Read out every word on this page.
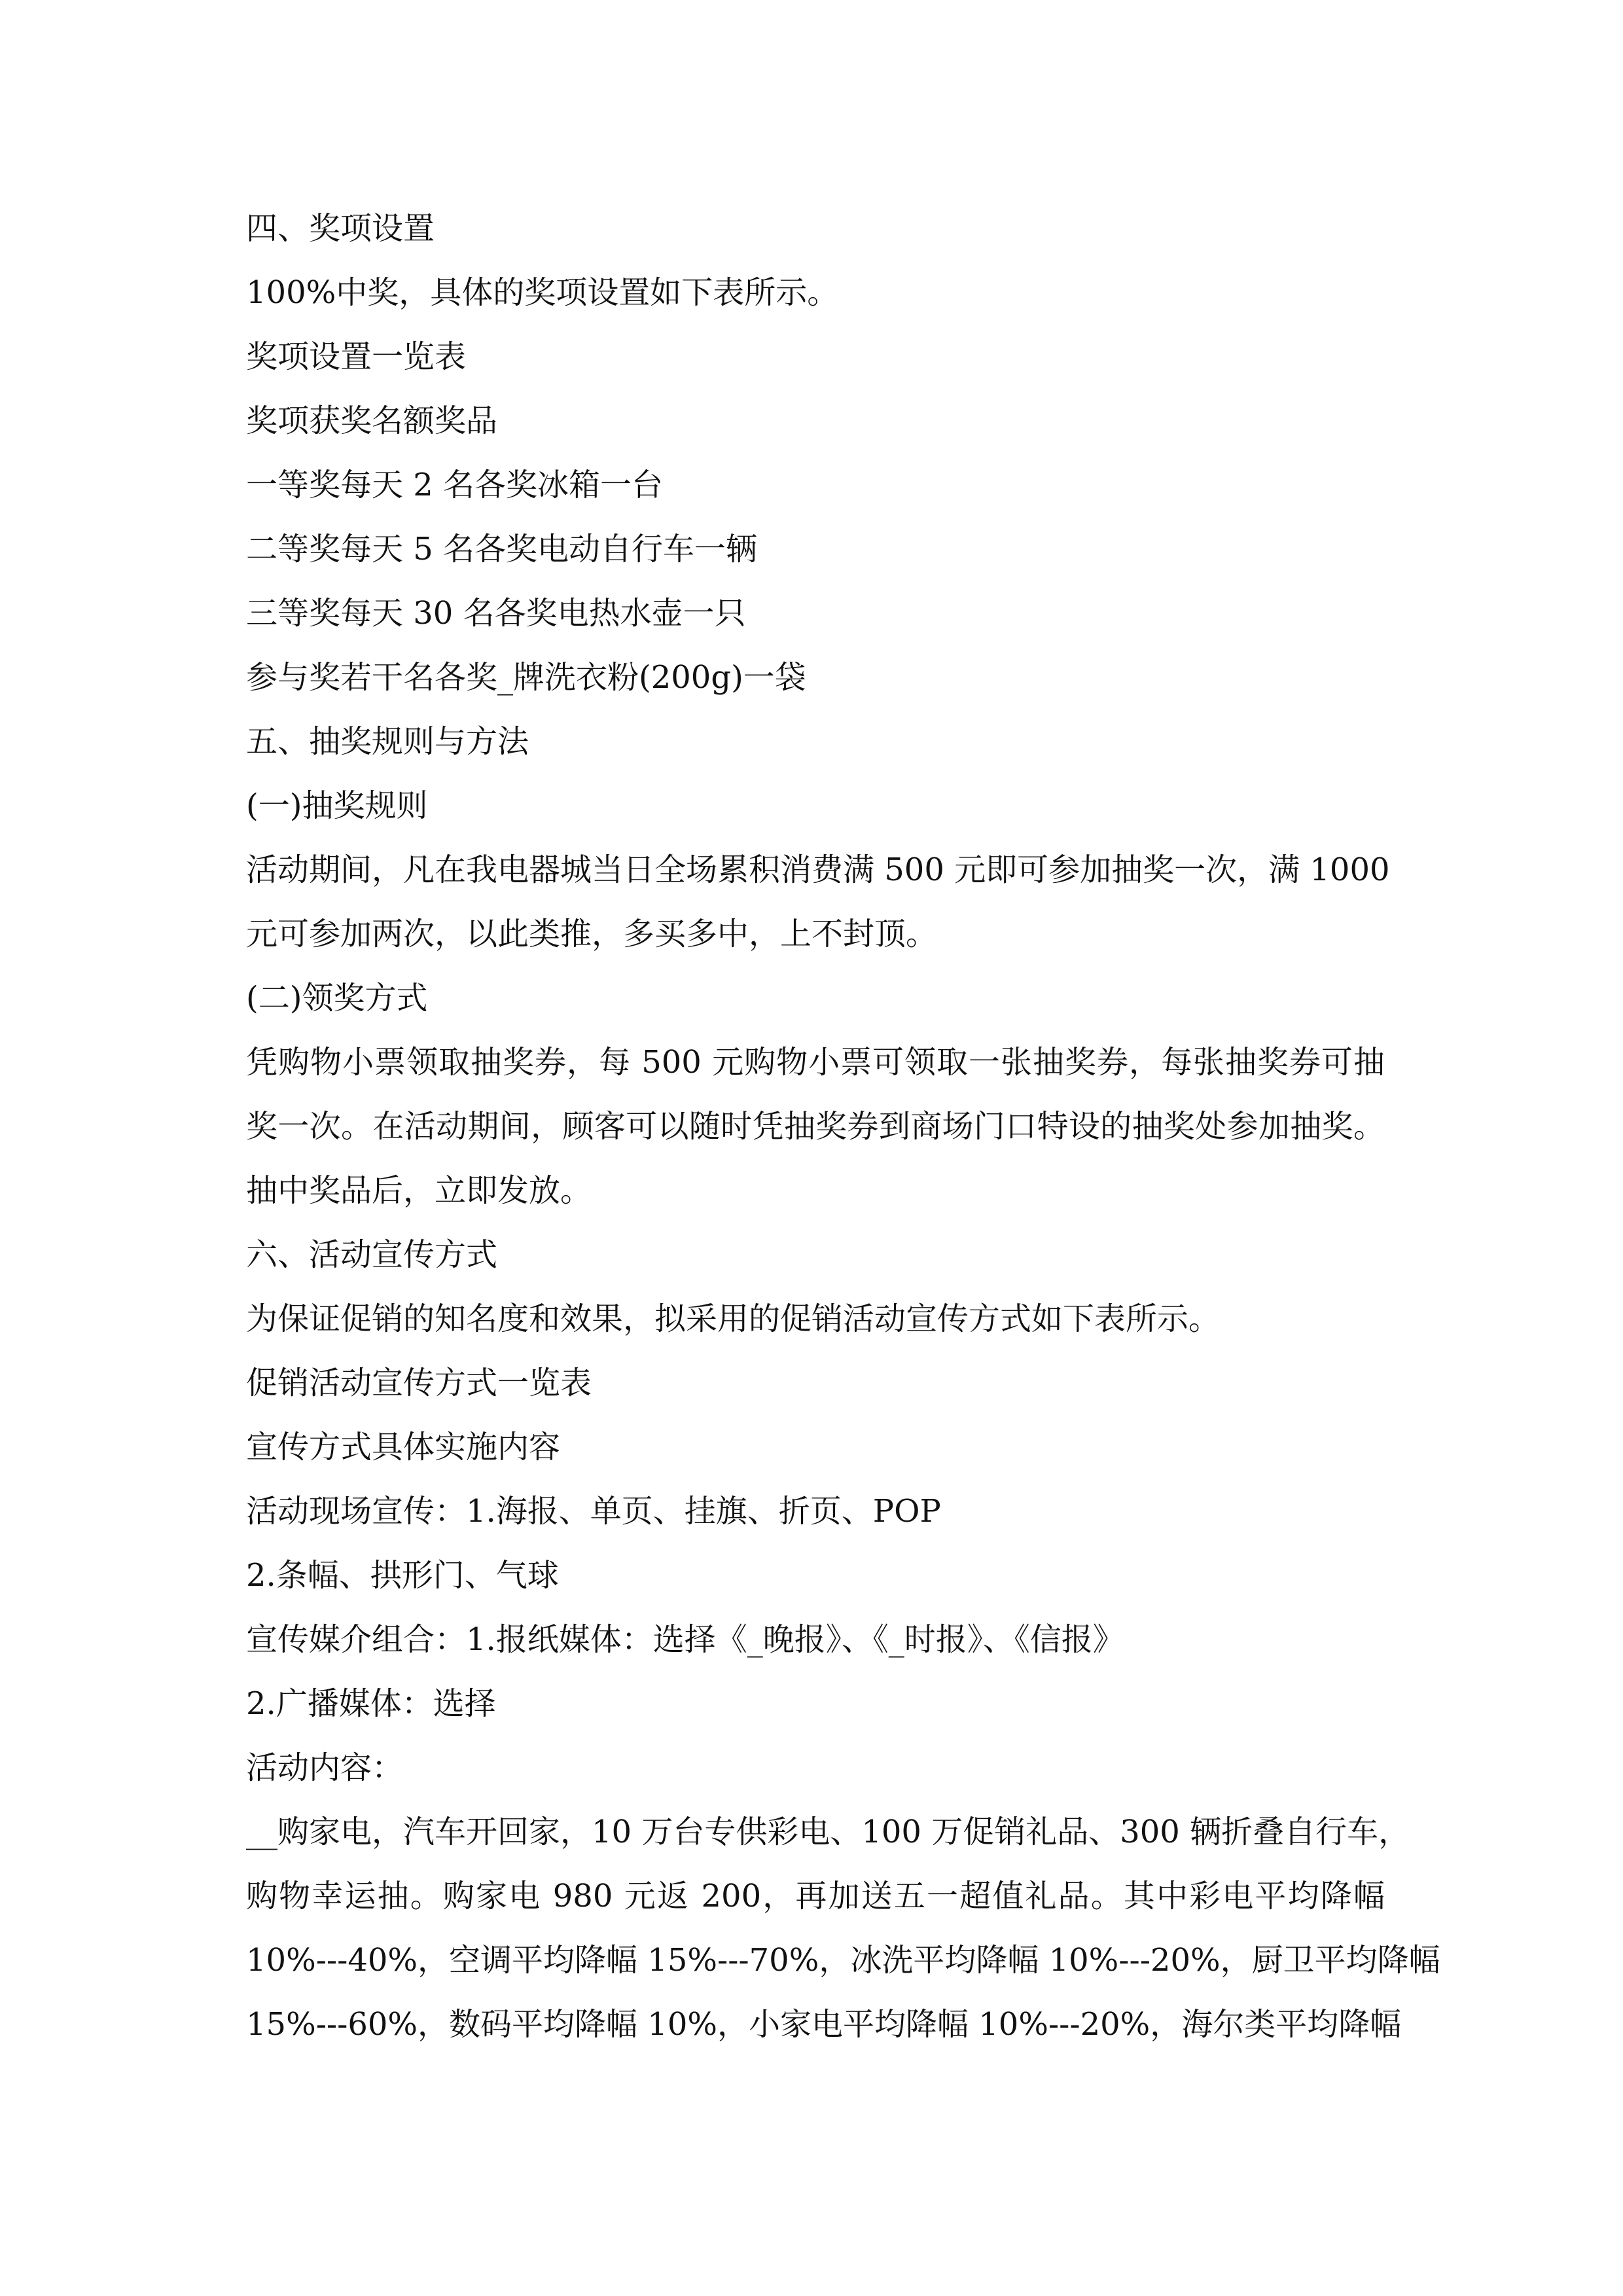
四、奖项设置
100%中奖，具体的奖项设置如下表所示。
奖项设置一览表
奖项获奖名额奖品
一等奖每天 2 名各奖冰箱一台
二等奖每天 5 名各奖电动自行车一辆
三等奖每天 30 名各奖电热水壶一只
参与奖若干名各奖_牌洗衣粉(200g)一袋
五、抽奖规则与方法
(一)抽奖规则
活动期间，凡在我电器城当日全场累积消费满 500 元即可参加抽奖一次，满 1000
元可参加两次，以此类推，多买多中，上不封顶。
(二)领奖方式
凭购物小票领取抽奖券，每 500 元购物小票可领取一张抽奖券，每张抽奖券可抽
奖一次。在活动期间，顾客可以随时凭抽奖券到商场门口特设的抽奖处参加抽奖。
抽中奖品后，立即发放。
六、活动宣传方式
为保证促销的知名度和效果，拟采用的促销活动宣传方式如下表所示。
促销活动宣传方式一览表
宣传方式具体实施内容
活动现场宣传：1.海报、单页、挂旗、折页、POP
2.条幅、拱形门、气球
宣传媒介组合：1.报纸媒体：选择《_晚报》、《_时报》、《信报》
2.广播媒体：选择
活动内容：
__购家电，汽车开回家，10 万台专供彩电、100 万促销礼品、300 辆折叠自行车，
购物幸运抽。购家电 980 元返 200，再加送五一超值礼品。其中彩电平均降幅
10%---40%，空调平均降幅 15%---70%，冰洗平均降幅 10%---20%，厨卫平均降幅
15%---60%，数码平均降幅 10%，小家电平均降幅 10%---20%，海尔类平均降幅
